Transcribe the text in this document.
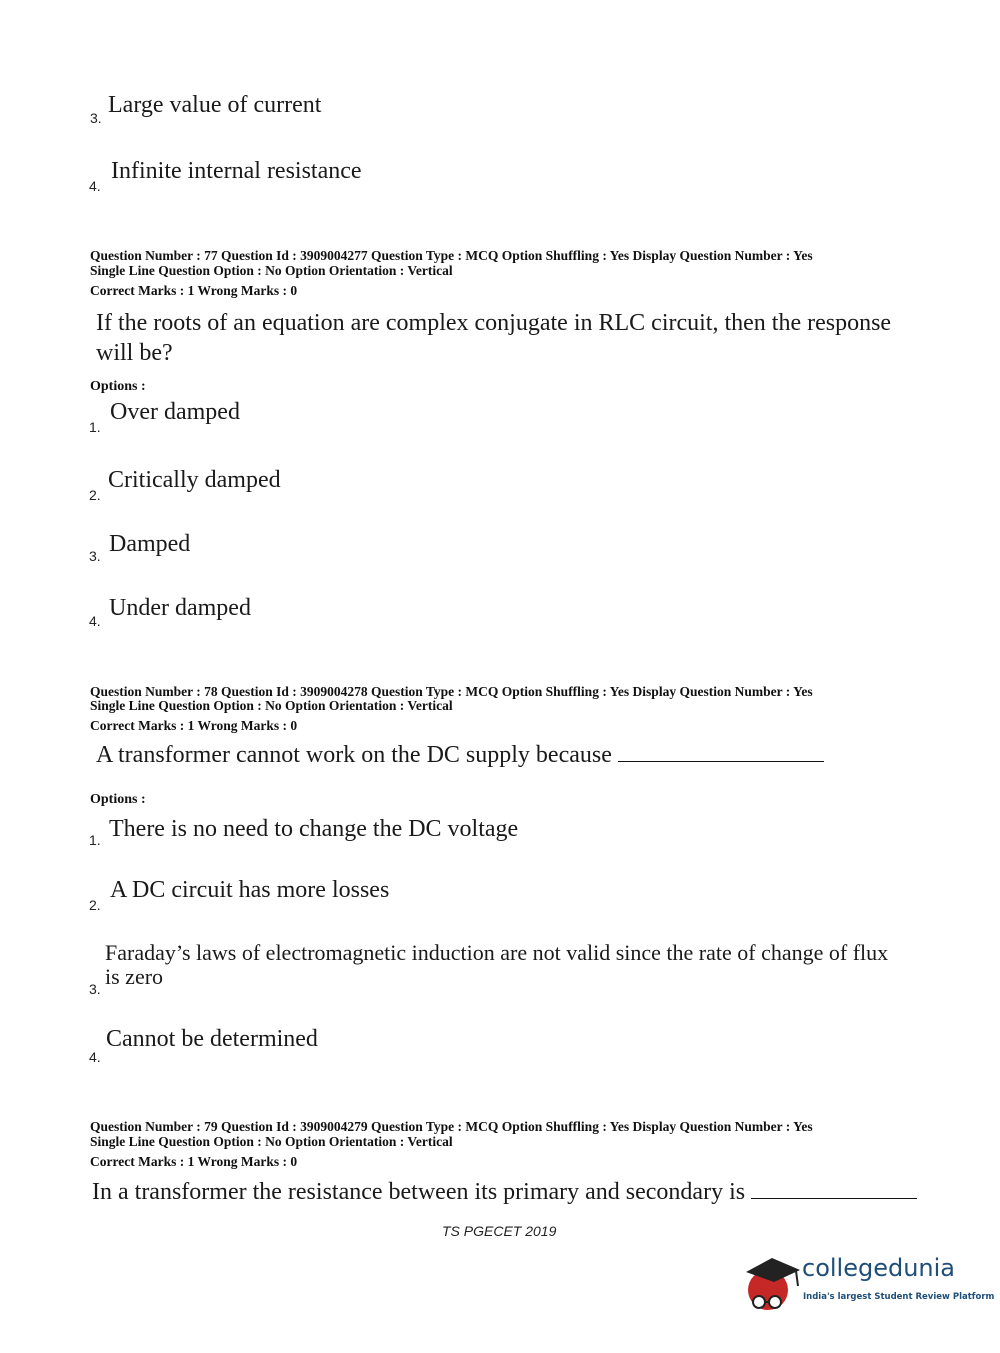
3. Large value of current
4.
Infinite internal resistance
Question Number : 77 Question Id : 3909004277 Question Type : MCQ Option Shuffling : Yes Display Question Number : Yes
Single Line Question Option : No Option Orientation : Vertical
Correct Marks : 1 Wrong Marks : 0
If the roots of an equation are complex conjugate in RLC circuit, then the response
will be?
Options :
1.
Over damped
2.
Critically damped
3. Damped
4. Under damped
Question Number : 78 Question Id : 3909004278 Question Type : MCQ Option Shuffling : Yes Display Question Number : Yes
Single Line Question Option : No Option Orientation : Vertical
Correct Marks : 1 Wrong Marks : 0
A transformer cannot work on the DC supply because
Options :
1. There is no need to change the DC voltage
2.
A DC circuit has more losses
3.
Faraday’s laws of electromagnetic induction are not valid since the rate of change of flux
is zero
4.
Cannot be determined
Question Number : 79 Question Id : 3909004279 Question Type : MCQ Option Shuffling : Yes Display Question Number : Yes
Single Line Question Option : No Option Orientation : Vertical
Correct Marks : 1 Wrong Marks : 0
In a transformer the resistance between its primary and secondary is
TS PGECET 2019
collegedunia
India's largest Student Review Platform
